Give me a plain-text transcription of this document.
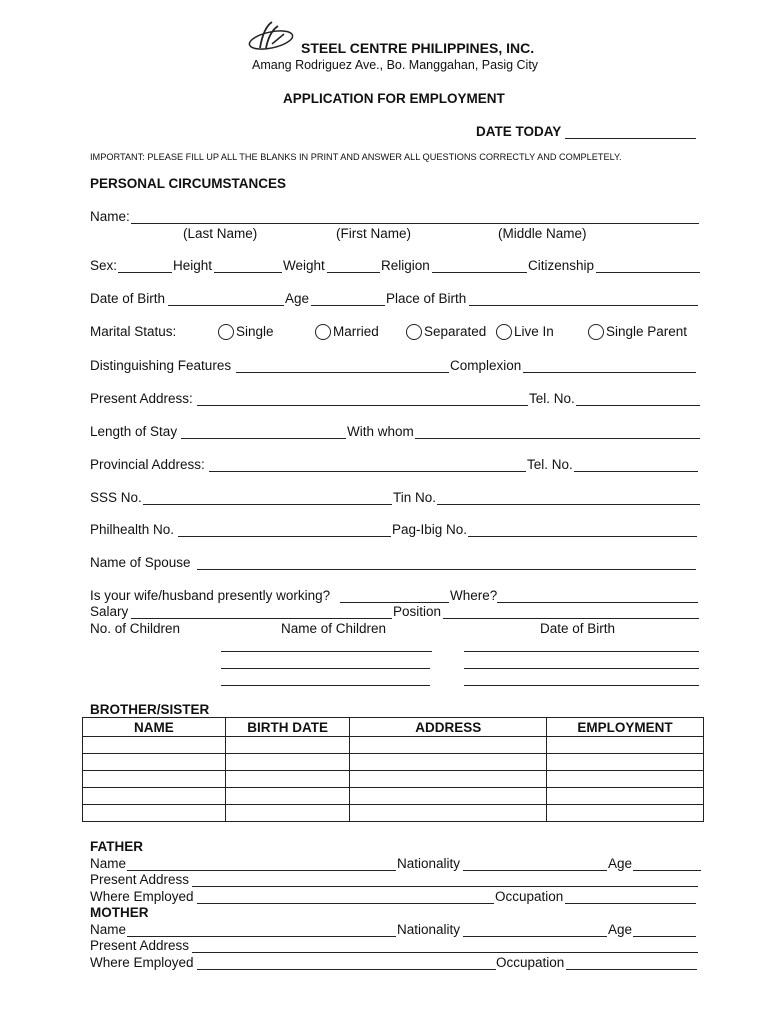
STEEL CENTRE PHILIPPINES, INC.
Amang Rodriguez Ave., Bo. Manggahan, Pasig City
APPLICATION FOR EMPLOYMENT
DATE TODAY
IMPORTANT: PLEASE FILL UP ALL THE BLANKS IN PRINT AND ANSWER ALL QUESTIONS CORRECTLY AND COMPLETELY.
PERSONAL CIRCUMSTANCES
Name:
(Last Name)	(First Name)	(Middle Name)
Sex:	Height	Weight	Religion	Citizenship
Date of Birth	Age	Place of Birth
Marital Status:	Single	Married	Separated	Live In	Single Parent
Distinguishing Features	Complexion
Present Address:	Tel. No.
Length of Stay	With whom
Provincial Address:	Tel. No.
SSS No.	Tin No.
Philhealth No.	Pag-Ibig No.
Name of Spouse
Is your wife/husband presently working?	Where?
Salary	Position
No. of Children	Name of Children	Date of Birth
BROTHER/SISTER
NAME	BIRTH DATE	ADDRESS	EMPLOYMENT

FATHER
Name	Nationality	Age
Present Address
Where Employed	Occupation
MOTHER
Name	Nationality	Age
Present Address
Where Employed	Occupation
